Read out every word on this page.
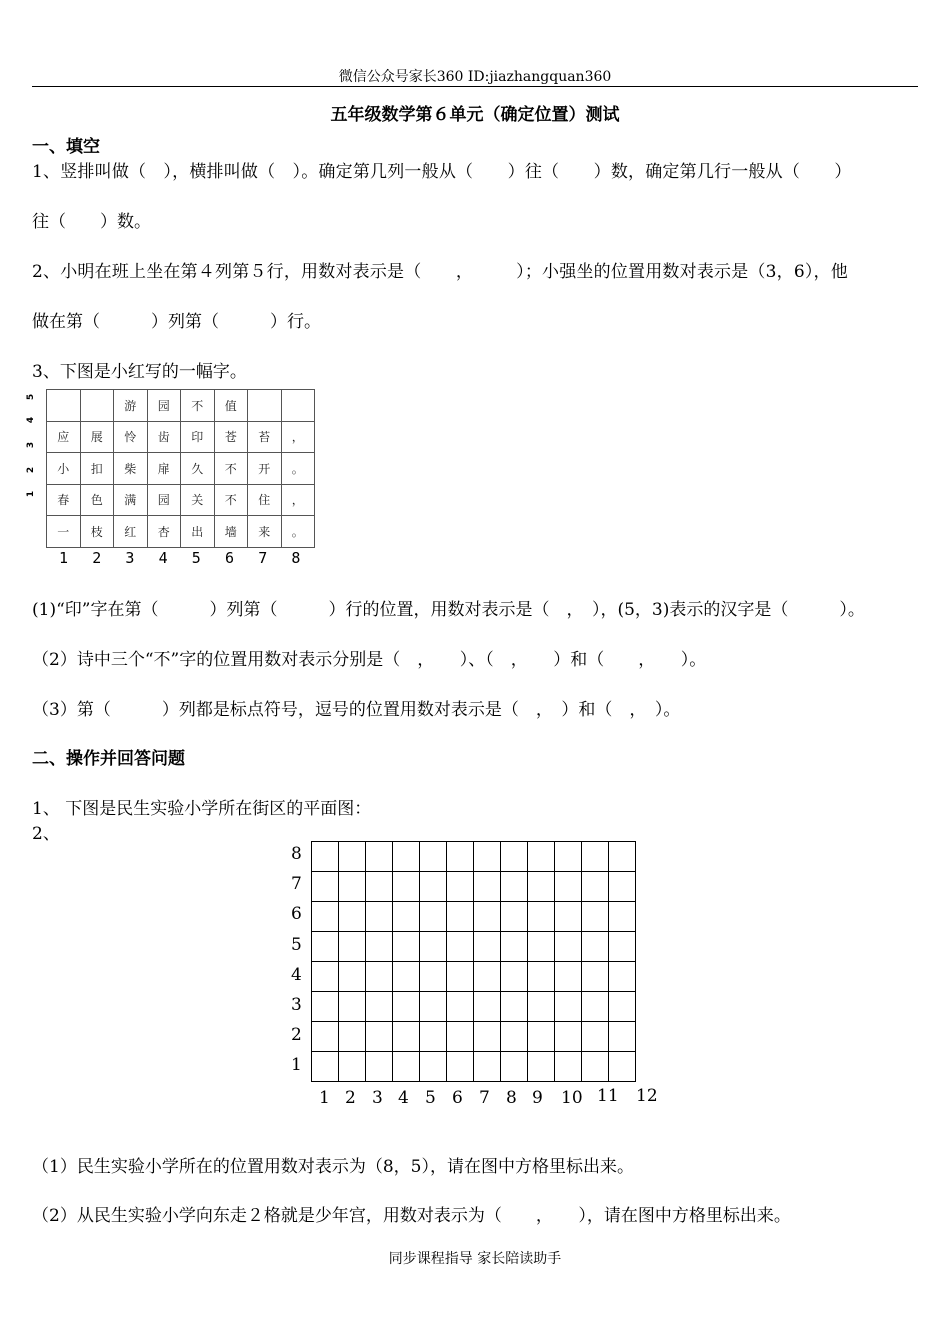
微信公众号家长360 ID:jiazhangquan360
五年级数学第６单元（确定位置）测试
一、填空
1、竖排叫做（　），横排叫做（　）。确定第几列一般从（　　）往（　　）数，确定第几行一般从（　　）
往（　　）数。
2、小明在班上坐在第４列第５行，用数对表示是（　　，　　　）；小强坐的位置用数对表示是（3，6），他
做在第（　　　）列第（　　　）行。
3、下图是小红写的一幅字。
		游	园	不	值		
应	展	怜	齿	印	苍	苔	，
小	扣	柴	扉	久	不	开	。
春	色	满	园	关	不	住	，
一	枝	红	杏	出	墙	来	。
5
4
3
2
1
1 2 3 4 5 6 7 8
(1)“印”字在第（　　　）列第（　　　）行的位置，用数对表示是（　，　），(5，3)表示的汉字是（　　　）。
（2）诗中三个“不”字的位置用数对表示分别是（　，　　）、（　，　　）和（　　，　　）。
（3）第（　　　）列都是标点符号，逗号的位置用数对表示是（　，　）和（　，　）。
二、操作并回答问题
1、 下图是民生实验小学所在街区的平面图：
2、

8
7
6
5
4
3
2
1
1 2 3 4 5 6 7 8 9 10 11 12
（1）民生实验小学所在的位置用数对表示为（8，5），请在图中方格里标出来。
（2）从民生实验小学向东走２格就是少年宫，用数对表示为（　　，　　），请在图中方格里标出来。
同步课程指导 家长陪读助手
